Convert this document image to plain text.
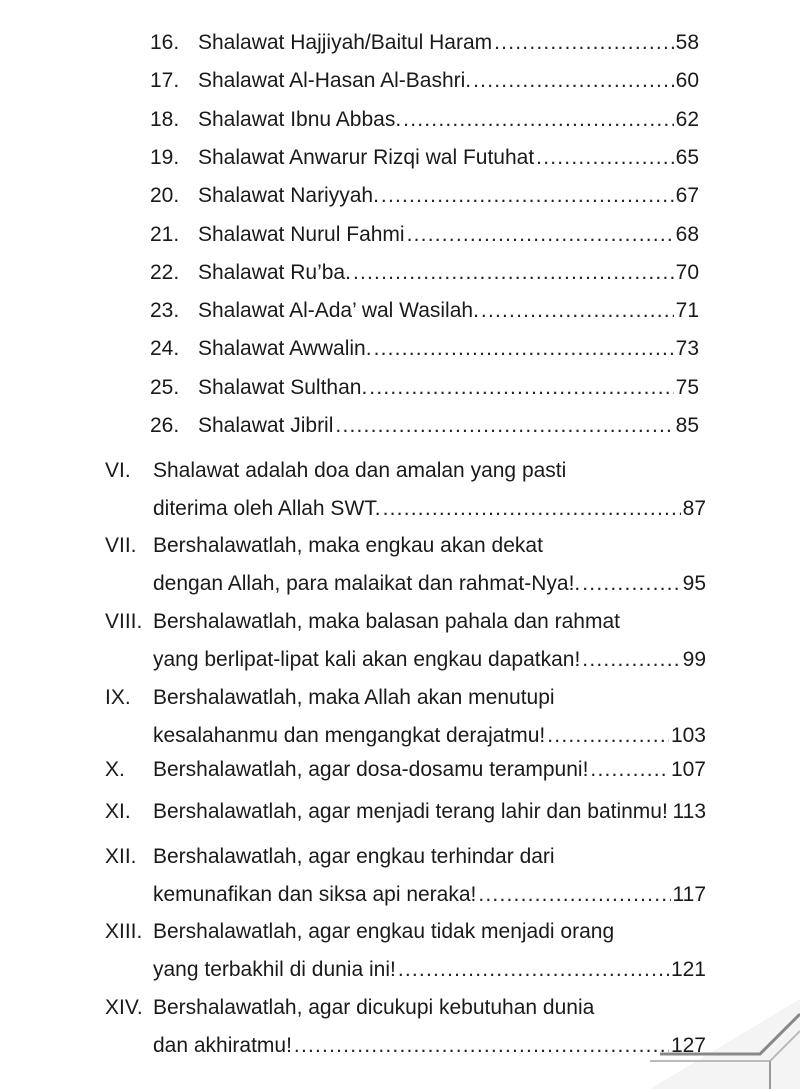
16. Shalawat Hajjiyah/Baitul Haram .....	58
17. Shalawat Al-Hasan Al-Bashri. .....	60
18. Shalawat Ibnu Abbas. .....	62
19. Shalawat Anwarur Rizqi wal Futuhat .....	65
20. Shalawat Nariyyah. .....	67
21. Shalawat Nurul Fahmi .....	68
22. Shalawat Ru’ba. .....	70
23. Shalawat Al-Ada’ wal Wasilah. .....	71
24. Shalawat Awwalin. .....	73
25. Shalawat Sulthan. .....	75
26. Shalawat Jibril .....	85
VI. Shalawat adalah doa dan amalan yang pasti
diterima oleh Allah SWT. .....	87
VII. Bershalawatlah, maka engkau akan dekat
dengan Allah, para malaikat dan rahmat-Nya!. .....	95
VIII. Bershalawatlah, maka balasan pahala dan rahmat
yang berlipat-lipat kali akan engkau dapatkan! .....	99
IX. Bershalawatlah, maka Allah akan menutupi
kesalahanmu dan mengangkat derajatmu! .....	103
X. Bershalawatlah, agar dosa-dosamu terampuni! .....	107
XI. Bershalawatlah, agar menjadi terang lahir dan batinmu! ..... 113
XII. Bershalawatlah, agar engkau terhindar dari
kemunafikan dan siksa api neraka! .....	117
XIII. Bershalawatlah, agar engkau tidak menjadi orang
yang terbakhil di dunia ini! .....	121
XIV. Bershalawatlah, agar dicukupi kebutuhan dunia
dan akhiratmu! .....	127
